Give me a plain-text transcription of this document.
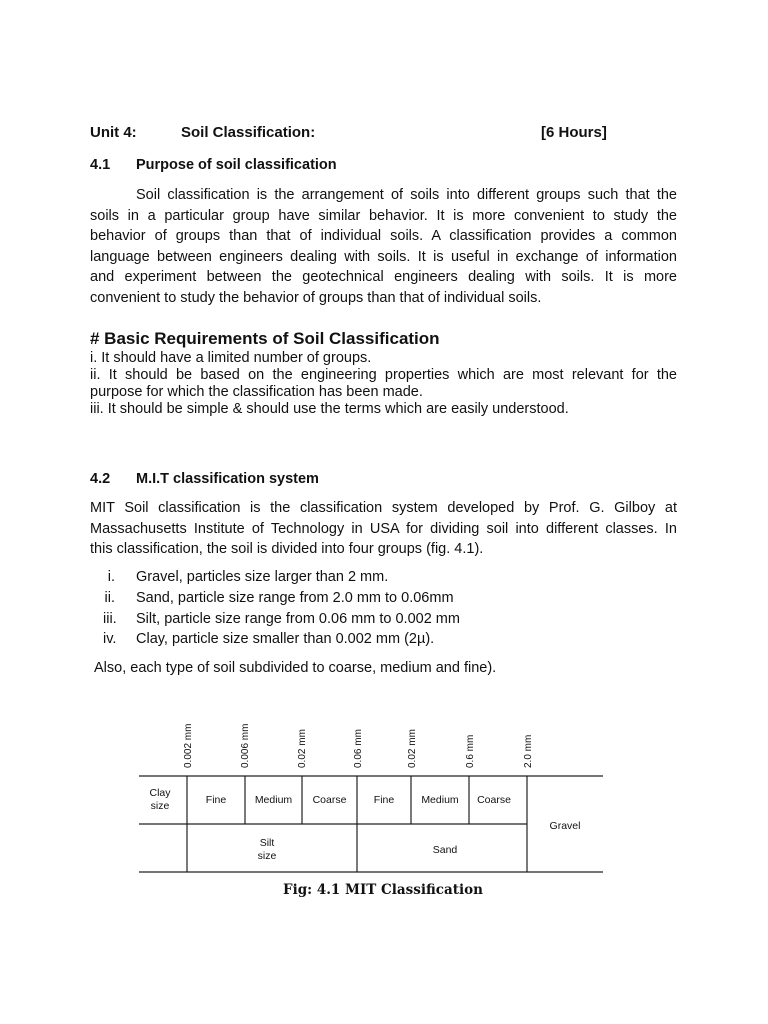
Unit 4:	Soil Classification:	[6 Hours]
4.1 Purpose of soil classification
Soil classification is the arrangement of soils into different groups such that the
soils in a particular group have similar behavior. It is more convenient to study the
behavior of groups than that of individual soils. A classification provides a common
language between engineers dealing with soils. It is useful in exchange of information
and experiment between the geotechnical engineers dealing with soils. It is more
convenient to study the behavior of groups than that of individual soils.
# Basic Requirements of Soil Classification
i. It should have a limited number of groups.
ii. It should be based on the engineering properties which are most relevant for the
purpose for which the classification has been made.
iii. It should be simple & should use the terms which are easily understood.
4.2 M.I.T classification system
MIT Soil classification is the classification system developed by Prof. G. Gilboy at
Massachusetts Institute of Technology in USA for dividing soil into different classes. In
this classification, the soil is divided into four groups (fig. 4.1).
i. Gravel, particles size larger than 2 mm.
ii. Sand, particle size range from 2.0 mm to 0.06mm
iii. Silt, particle size range from 0.06 mm to 0.002 mm
iv. Clay, particle size smaller than 0.002 mm (2µ).
Also, each type of soil subdivided to coarse, medium and fine).
0.002 mm	0.006 mm	0.02 mm	0.06 mm	0.02 mm	0.6 mm	2.0 mm
Clay
size	Fine	Medium	Coarse	Fine	Medium	Coarse
Gravel
Silt
size	Sand
Fig: 4.1 MIT Classification
